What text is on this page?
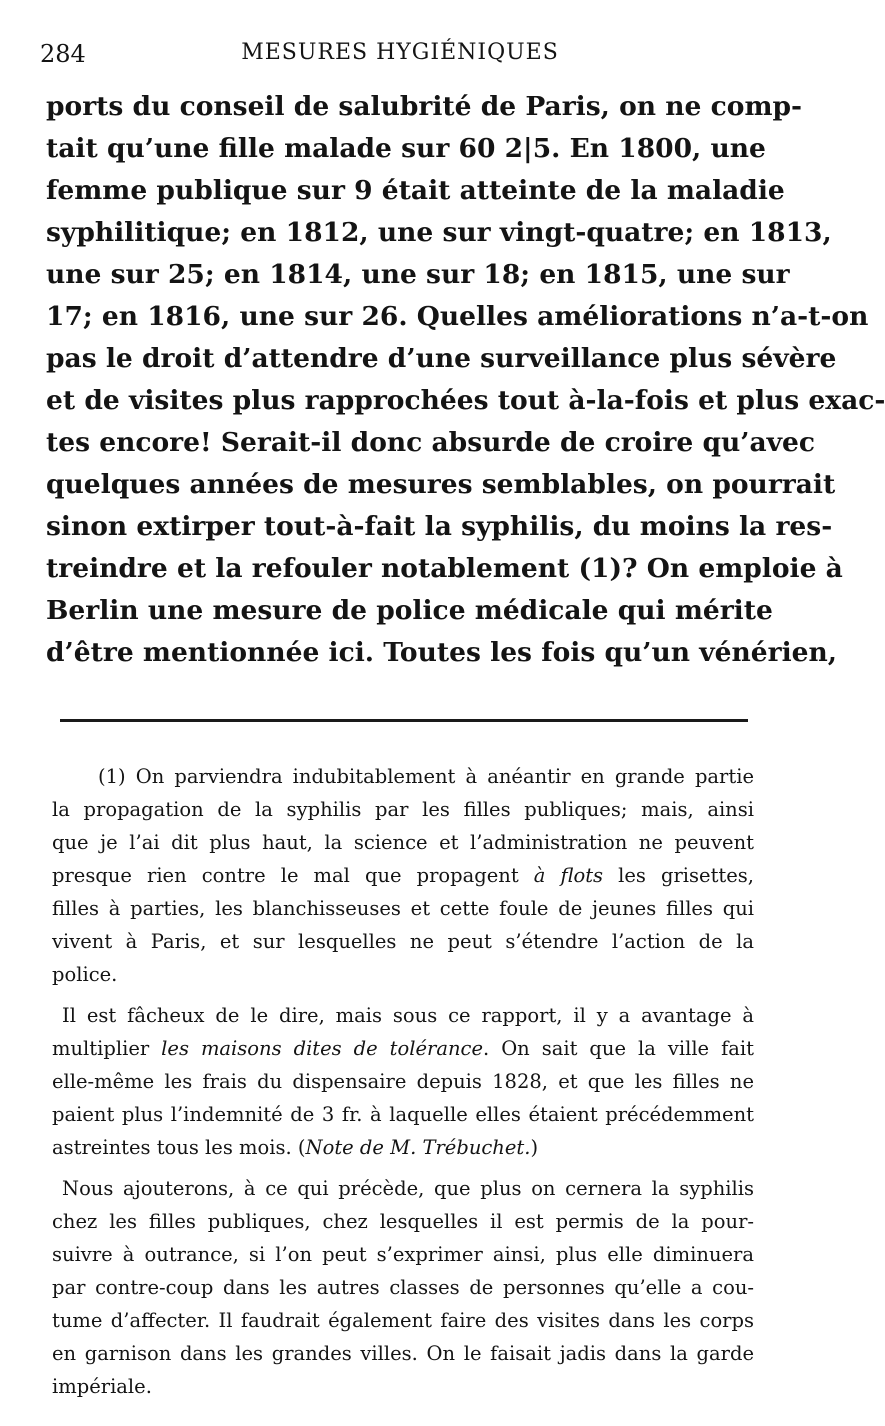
284	MESURES HYGIÉNIQUES
ports du conseil de salubrité de Paris, on ne comp-
tait qu’une fille malade sur 60 2|5. En 1800, une
femme publique sur 9 était atteinte de la maladie
syphilitique; en 1812, une sur vingt-quatre; en 1813,
une sur 25; en 1814, une sur 18; en 1815, une sur
17; en 1816, une sur 26. Quelles améliorations n’a-t-on
pas le droit d’attendre d’une surveillance plus sévère
et de visites plus rapprochées tout à-la-fois et plus exac-
tes encore! Serait-il donc absurde de croire qu’avec
quelques années de mesures semblables, on pourrait
sinon extirper tout-à-fait la syphilis, du moins la res-
treindre et la refouler notablement (1)? On emploie à
Berlin une mesure de police médicale qui mérite
d’être mentionnée ici. Toutes les fois qu’un vénérien,
(1) On parviendra indubitablement à anéantir en grande partie
la propagation de la syphilis par les filles publiques; mais, ainsi
que je l’ai dit plus haut, la science et l’administration ne peuvent
presque rien contre le mal que propagent à flots les grisettes,
filles à parties, les blanchisseuses et cette foule de jeunes filles qui
vivent à Paris, et sur lesquelles ne peut s’étendre l’action de la
police.
Il est fâcheux de le dire, mais sous ce rapport, il y a avantage à
multiplier les maisons dites de tolérance. On sait que la ville fait
elle-même les frais du dispensaire depuis 1828, et que les filles ne
paient plus l’indemnité de 3 fr. à laquelle elles étaient précédemment
astreintes tous les mois. (Note de M. Trébuchet.)
Nous ajouterons, à ce qui précède, que plus on cernera la syphilis
chez les filles publiques, chez lesquelles il est permis de la pour-
suivre à outrance, si l’on peut s’exprimer ainsi, plus elle diminuera
par contre-coup dans les autres classes de personnes qu’elle a cou-
tume d’affecter. Il faudrait également faire des visites dans les corps
en garnison dans les grandes villes. On le faisait jadis dans la garde
impériale.
